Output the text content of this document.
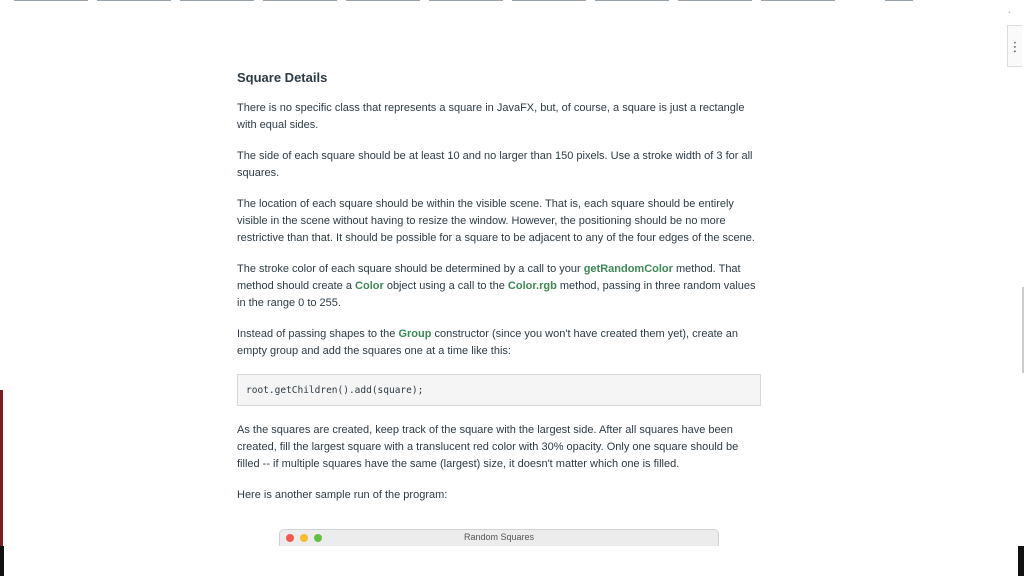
`
⋮
Square Details

There is no specific class that represents a square in JavaFX, but, of course, a square is just a rectangle with equal sides.

The side of each square should be at least 10 and no larger than 150 pixels. Use a stroke width of 3 for all squares.

The location of each square should be within the visible scene. That is, each square should be entirely visible in the scene without having to resize the window. However, the positioning should be no more restrictive than that. It should be possible for a square to be adjacent to any of the four edges of the scene.

The stroke color of each square should be determined by a call to your getRandomColor method. That method should create a Color object using a call to the Color.rgb method, passing in three random values in the range 0 to 255.

Instead of passing shapes to the Group constructor (since you won't have created them yet), create an empty group and add the squares one at a time like this:

root.getChildren().add(square);

As the squares are created, keep track of the square with the largest side. After all squares have been created, fill the largest square with a translucent red color with 30% opacity. Only one square should be filled -- if multiple squares have the same (largest) size, it doesn't matter which one is filled.

Here is another sample run of the program:

Random Squares
